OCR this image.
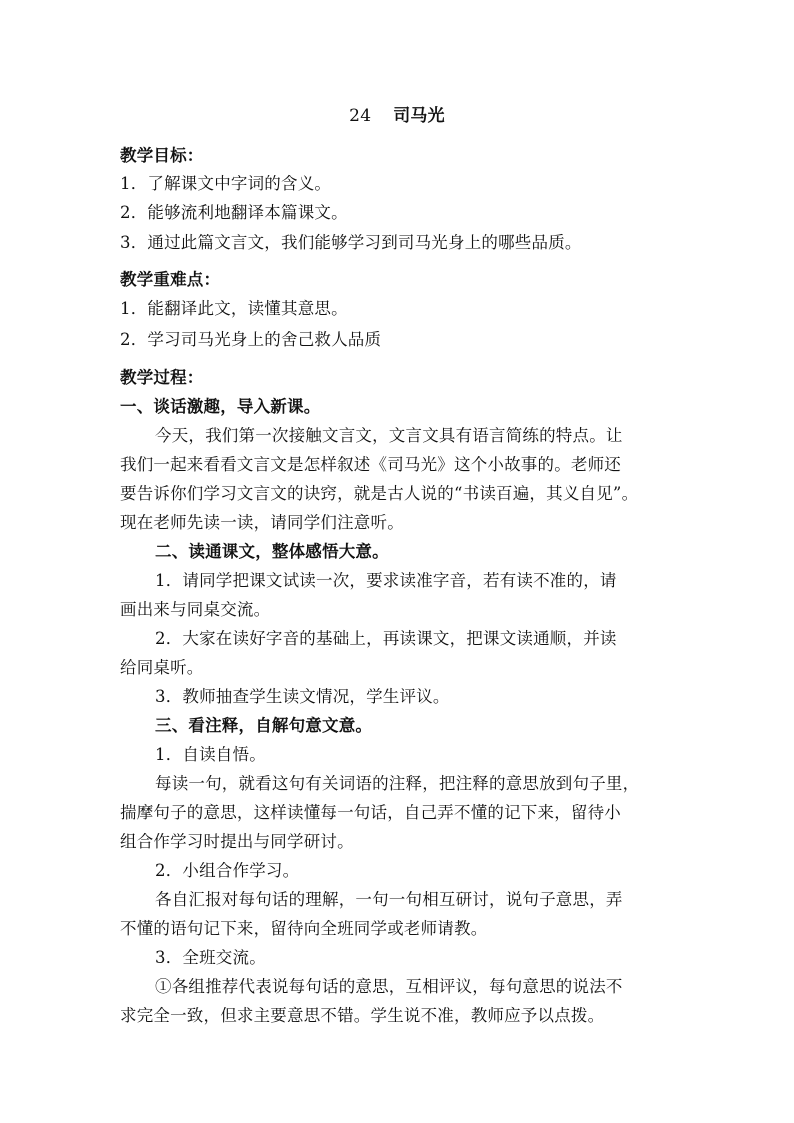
24 司马光
教学目标：
1．了解课文中字词的含义。
2．能够流利地翻译本篇课文。
3．通过此篇文言文，我们能够学习到司马光身上的哪些品质。
教学重难点：
1．能翻译此文，读懂其意思。
2．学习司马光身上的舍己救人品质
教学过程：
一、谈话激趣，导入新课。
今天，我们第一次接触文言文，文言文具有语言简练的特点。让
我们一起来看看文言文是怎样叙述《司马光》这个小故事的。老师还
要告诉你们学习文言文的诀窍，就是古人说的“书读百遍，其义自见”。
现在老师先读一读，请同学们注意听。
二、读通课文，整体感悟大意。
1．请同学把课文试读一次，要求读准字音，若有读不准的，请
画出来与同桌交流。
2．大家在读好字音的基础上，再读课文，把课文读通顺，并读
给同桌听。
3．教师抽查学生读文情况，学生评议。
三、看注释，自解句意文意。
1．自读自悟。
每读一句，就看这句有关词语的注释，把注释的意思放到句子里，
揣摩句子的意思，这样读懂每一句话，自己弄不懂的记下来，留待小
组合作学习时提出与同学研讨。
2．小组合作学习。
各自汇报对每句话的理解，一句一句相互研讨，说句子意思，弄
不懂的语句记下来，留待向全班同学或老师请教。
3．全班交流。
①各组推荐代表说每句话的意思，互相评议，每句意思的说法不
求完全一致，但求主要意思不错。学生说不准，教师应予以点拨。
